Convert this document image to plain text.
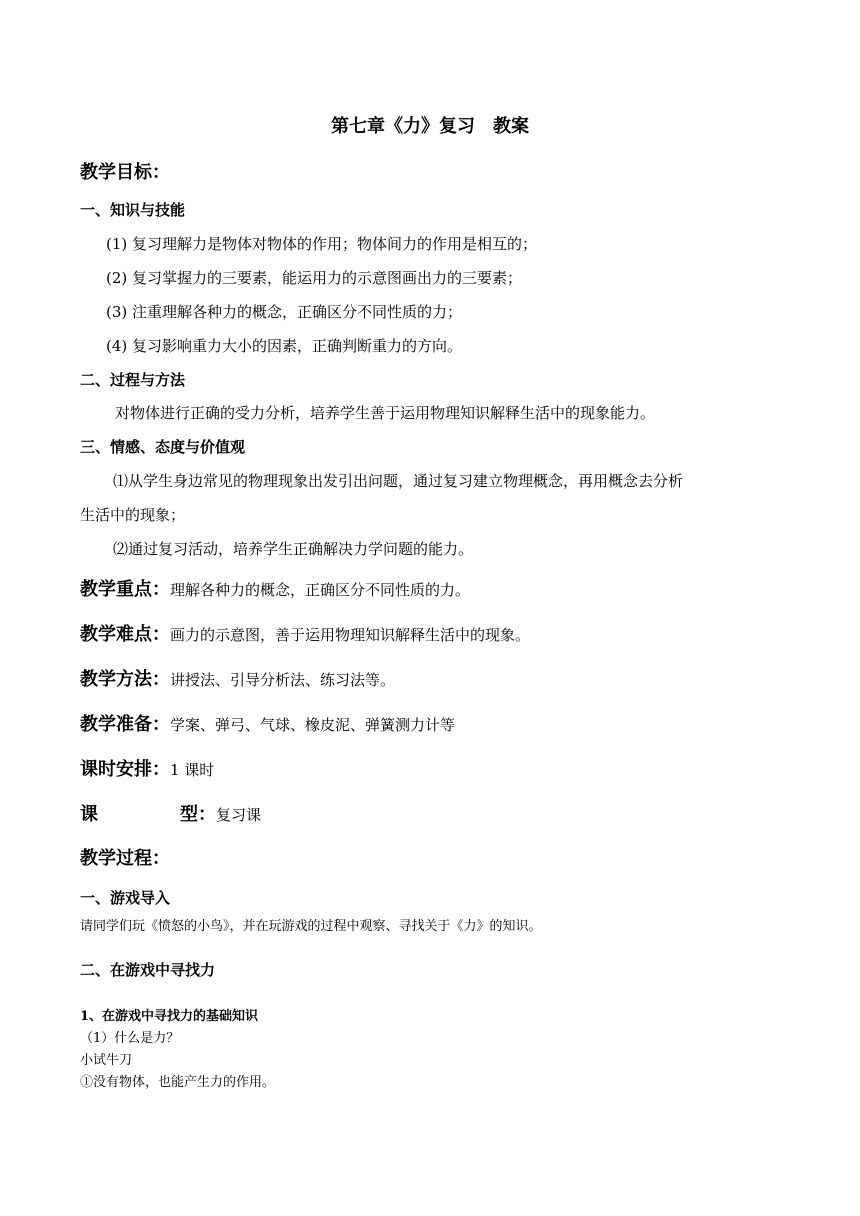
第七章《力》复习　教案
教学目标：
一、知识与技能
(1) 复习理解力是物体对物体的作用；物体间力的作用是相互的；
(2) 复习掌握力的三要素，能运用力的示意图画出力的三要素；
(3) 注重理解各种力的概念，正确区分不同性质的力；
(4) 复习影响重力大小的因素，正确判断重力的方向。
二、过程与方法
对物体进行正确的受力分析，培养学生善于运用物理知识解释生活中的现象能力。
三、情感、态度与价值观
⑴从学生身边常见的物理现象出发引出问题，通过复习建立物理概念，再用概念去分析
生活中的现象；
⑵通过复习活动，培养学生正确解决力学问题的能力。
教学重点：理解各种力的概念，正确区分不同性质的力。
教学难点：画力的示意图，善于运用物理知识解释生活中的现象。
教学方法：讲授法、引导分析法、练习法等。
教学准备：学案、弹弓、气球、橡皮泥、弹簧测力计等
课时安排：1 课时
课	型：复习课
教学过程：
一、游戏导入
请同学们玩《愤怒的小鸟》，并在玩游戏的过程中观察、寻找关于《力》的知识。
二、在游戏中寻找力
1、在游戏中寻找力的基础知识
（1）什么是力？
小试牛刀
①没有物体，也能产生力的作用。
